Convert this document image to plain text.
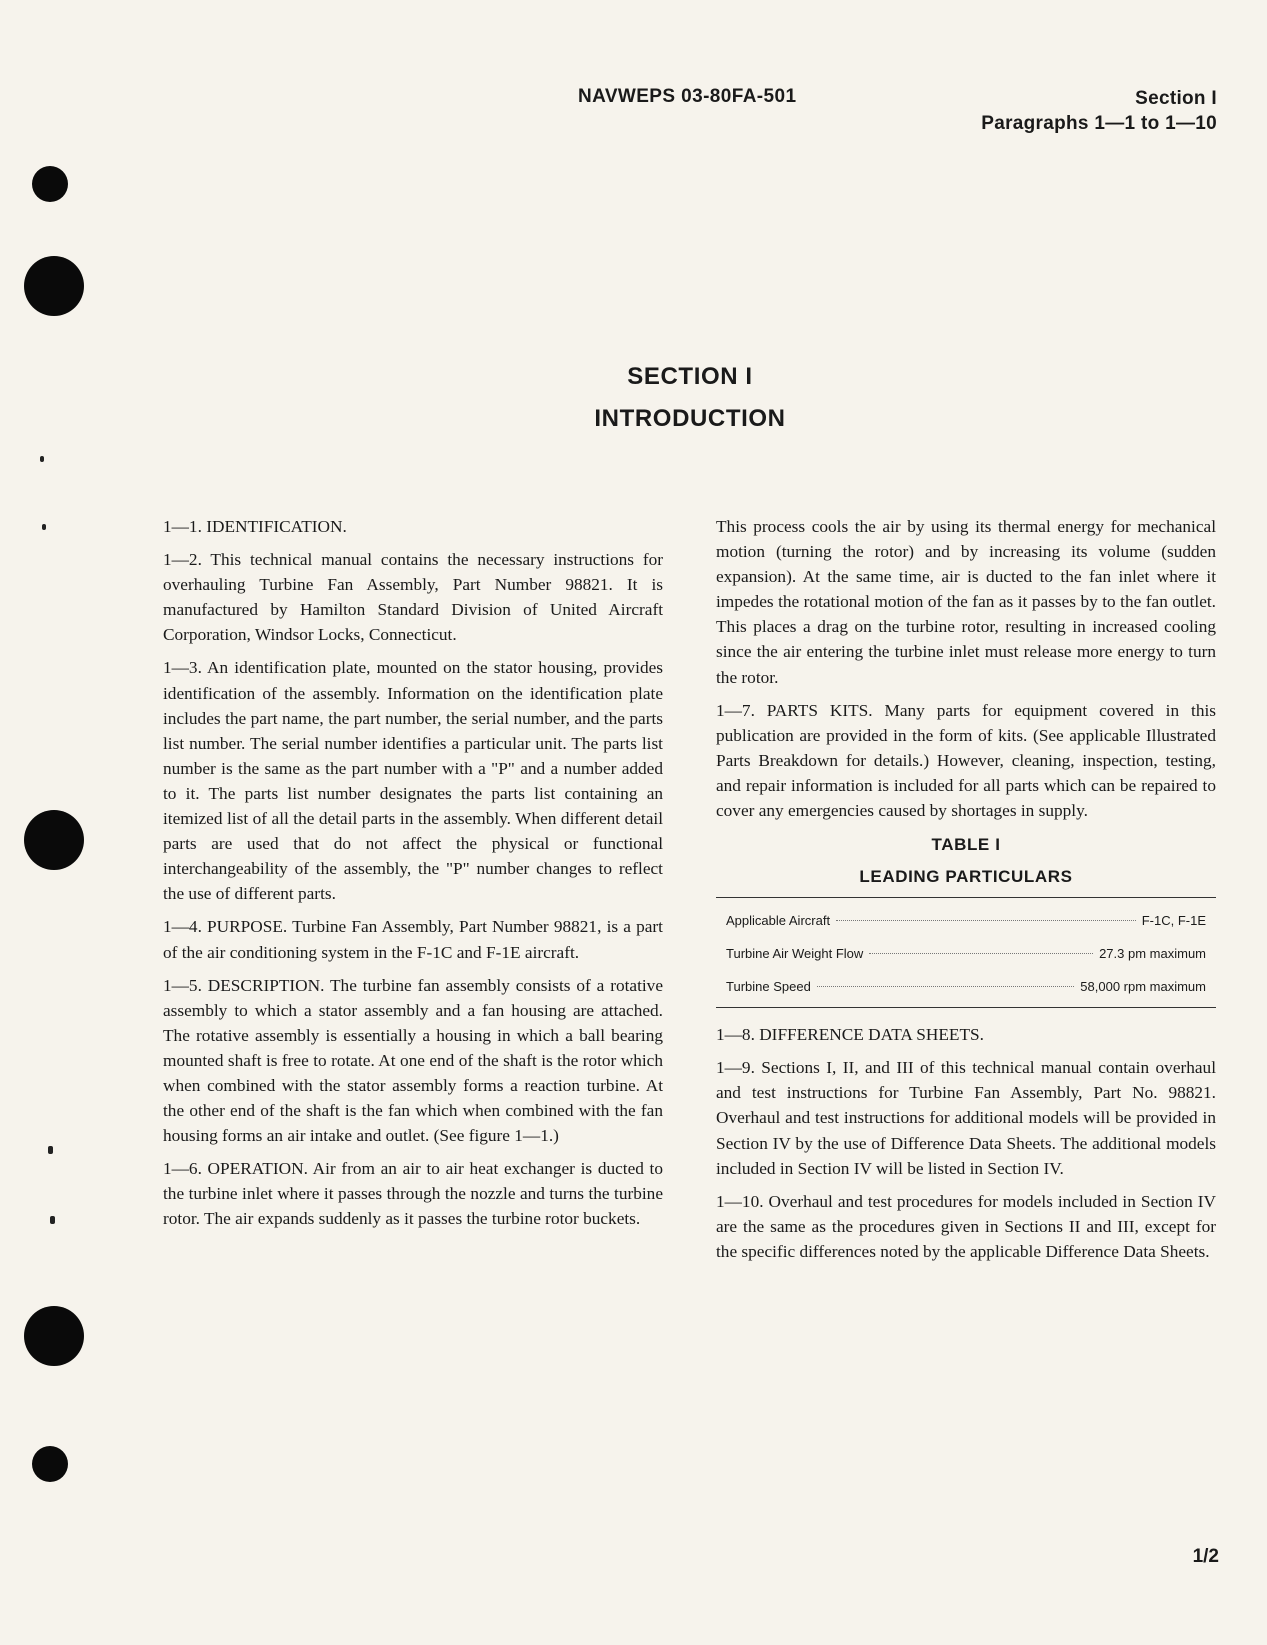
NAVWEPS 03-80FA-501	Section I
Paragraphs 1—1 to 1—10
SECTION I
INTRODUCTION

1—1. IDENTIFICATION.

1—2. This technical manual contains the necessary instructions for overhauling Turbine Fan Assembly, Part Number 98821. It is manufactured by Hamilton Standard Division of United Aircraft Corporation, Windsor Locks, Connecticut.

1—3. An identification plate, mounted on the stator housing, provides identification of the assembly. Information on the identification plate includes the part name, the part number, the serial number, and the parts list number. The serial number identifies a particular unit. The parts list number is the same as the part number with a "P" and a number added to it. The parts list number designates the parts list containing an itemized list of all the detail parts in the assembly. When different detail parts are used that do not affect the physical or functional interchangeability of the assembly, the "P" number changes to reflect the use of different parts.

1—4. PURPOSE. Turbine Fan Assembly, Part Number 98821, is a part of the air conditioning system in the F-1C and F-1E aircraft.

1—5. DESCRIPTION. The turbine fan assembly consists of a rotative assembly to which a stator assembly and a fan housing are attached. The rotative assembly is essentially a housing in which a ball bearing mounted shaft is free to rotate. At one end of the shaft is the rotor which when combined with the stator assembly forms a reaction turbine. At the other end of the shaft is the fan which when combined with the fan housing forms an air intake and outlet. (See figure 1—1.)

1—6. OPERATION. Air from an air to air heat exchanger is ducted to the turbine inlet where it passes through the nozzle and turns the turbine rotor. The air expands suddenly as it passes the turbine rotor buckets.

This process cools the air by using its thermal energy for mechanical motion (turning the rotor) and by increasing its volume (sudden expansion). At the same time, air is ducted to the fan inlet where it impedes the rotational motion of the fan as it passes by to the fan outlet. This places a drag on the turbine rotor, resulting in increased cooling since the air entering the turbine inlet must release more energy to turn the rotor.

1—7. PARTS KITS. Many parts for equipment covered in this publication are provided in the form of kits. (See applicable Illustrated Parts Breakdown for details.) However, cleaning, inspection, testing, and repair information is included for all parts which can be repaired to cover any emergencies caused by shortages in supply.

TABLE I

LEADING PARTICULARS

Applicable Aircraft	F-1C, F-1E
Turbine Air Weight Flow	27.3 pm maximum
Turbine Speed	58,000 rpm maximum

1—8. DIFFERENCE DATA SHEETS.

1—9. Sections I, II, and III of this technical manual contain overhaul and test instructions for Turbine Fan Assembly, Part No. 98821. Overhaul and test instructions for additional models will be provided in Section IV by the use of Difference Data Sheets. The additional models included in Section IV will be listed in Section IV.

1—10. Overhaul and test procedures for models included in Section IV are the same as the procedures given in Sections II and III, except for the specific differences noted by the applicable Difference Data Sheets.

1/2
